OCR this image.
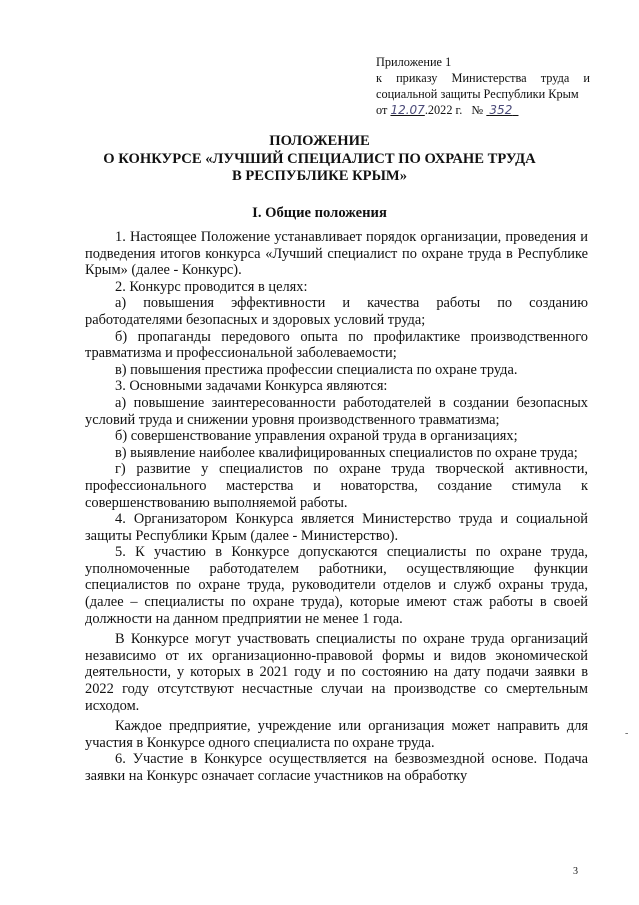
Приложение 1
к приказу Министерства труда и
социальной защиты Республики Крым
от 12.07.2022 г. № 352
ПОЛОЖЕНИЕ
О КОНКУРСЕ «ЛУЧШИЙ СПЕЦИАЛИСТ ПО ОХРАНЕ ТРУДА
В РЕСПУБЛИКЕ КРЫМ»
I. Общие положения

1. Настоящее Положение устанавливает порядок организации, проведения и подведения итогов конкурса «Лучший специалист по охране труда в Республике Крым» (далее - Конкурс).

2. Конкурс проводится в целях:

а) повышения эффективности и качества работы по созданию работодателями безопасных и здоровых условий труда;

б) пропаганды передового опыта по профилактике производственного травматизма и профессиональной заболеваемости;

в) повышения престижа профессии специалиста по охране труда.

3. Основными задачами Конкурса являются:

а) повышение заинтересованности работодателей в создании безопасных условий труда и снижении уровня производственного травматизма;

б) совершенствование управления охраной труда в организациях;

в) выявление наиболее квалифицированных специалистов по охране труда;

г) развитие у специалистов по охране труда творческой активности, профессионального мастерства и новаторства, создание стимула к совершенствованию выполняемой работы.

4. Организатором Конкурса является Министерство труда и социальной защиты Республики Крым (далее - Министерство).

5. К участию в Конкурсе допускаются специалисты по охране труда, уполномоченные работодателем работники, осуществляющие функции специалистов по охране труда, руководители отделов и служб охраны труда, (далее – специалисты по охране труда), которые имеют стаж работы в своей должности на данном предприятии не менее 1 года.

В Конкурсе могут участвовать специалисты по охране труда организаций независимо от их организационно-правовой формы и видов экономической деятельности, у которых в 2021 году и по состоянию на дату подачи заявки в 2022 году отсутствуют несчастные случаи на производстве со смертельным исходом.

Каждое предприятие, учреждение или организация может направить для участия в Конкурсе одного специалиста по охране труда.

6. Участие в Конкурсе осуществляется на безвозмездной основе. Подача заявки на Конкурс означает согласие участников на обработку

-
3
